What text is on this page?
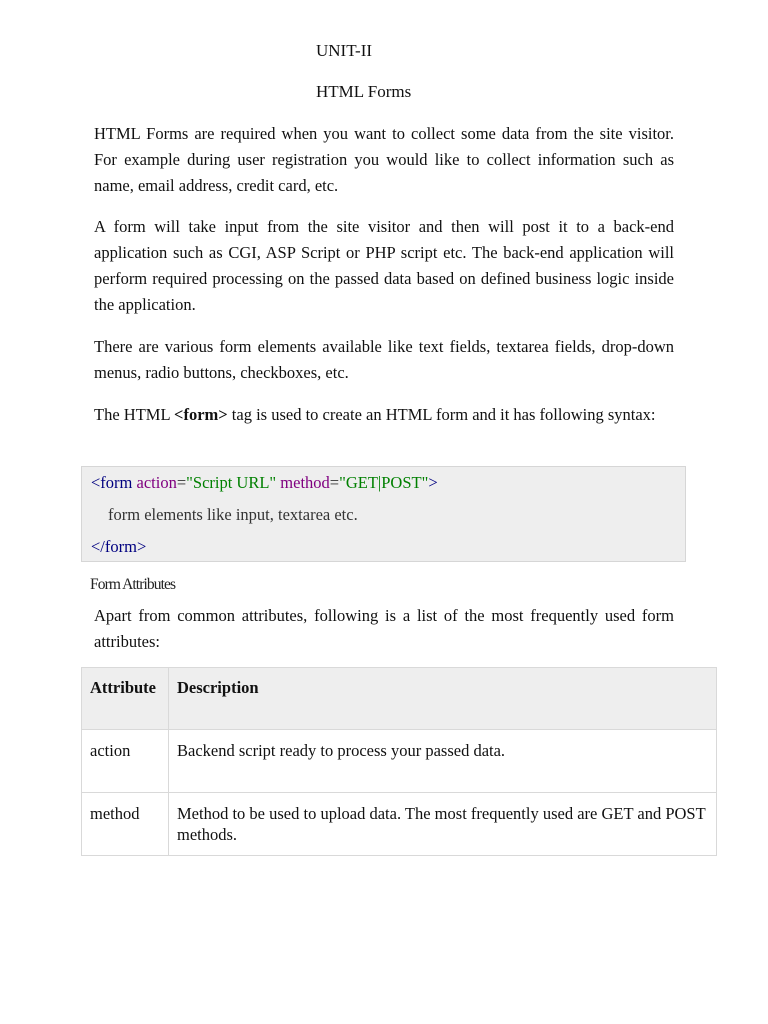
UNIT-II
HTML Forms

HTML Forms are required when you want to collect some data from the site visitor. For example during user registration you would like to collect information such as name, email address, credit card, etc.

A form will take input from the site visitor and then will post it to a back-end application such as CGI, ASP Script or PHP script etc. The back-end application will perform required processing on the passed data based on defined business logic inside the application.

There are various form elements available like text fields, textarea fields, drop-down menus, radio buttons, checkboxes, etc.

The HTML <form> tag is used to create an HTML form and it has following syntax:

<form action="Script URL" method="GET|POST">
form elements like input, textarea etc.
</form>
Form Attributes

Apart from common attributes, following is a list of the most frequently used form attributes:

Attribute	Description
action	Backend script ready to process your passed data.
method	Method to be used to upload data. The most frequently used are GET and POST methods.
